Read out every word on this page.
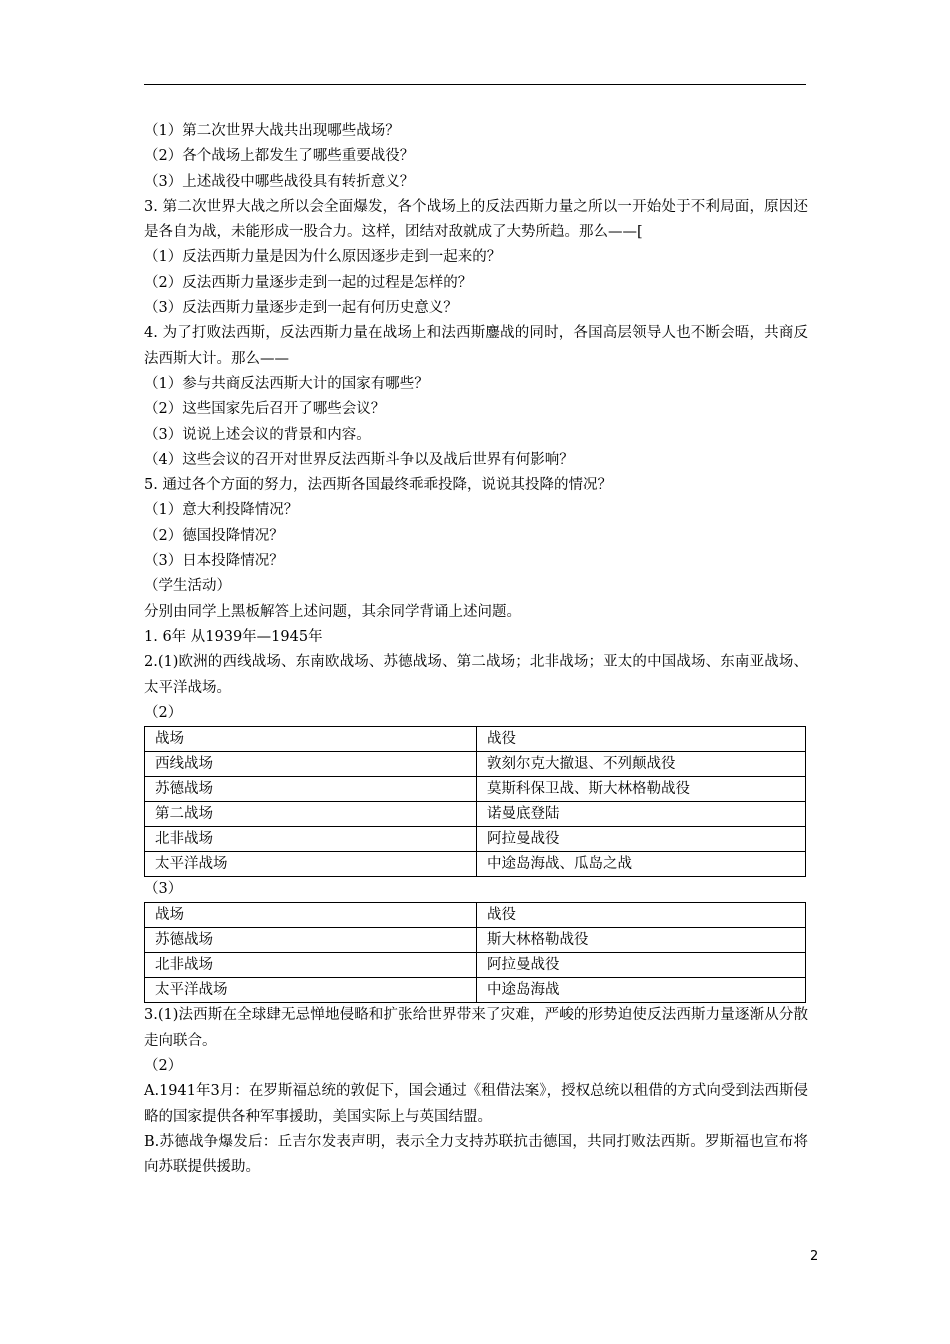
（1）第二次世界大战共出现哪些战场？

（2）各个战场上都发生了哪些重要战役？

（3）上述战役中哪些战役具有转折意义？

3. 第二次世界大战之所以会全面爆发，各个战场上的反法西斯力量之所以一开始处于不利局面，原因还是各自为战，未能形成一股合力。这样，团结对敌就成了大势所趋。那么——[

（1）反法西斯力量是因为什么原因逐步走到一起来的？

（2）反法西斯力量逐步走到一起的过程是怎样的？

（3）反法西斯力量逐步走到一起有何历史意义？

4. 为了打败法西斯，反法西斯力量在战场上和法西斯鏖战的同时，各国高层领导人也不断会晤，共商反法西斯大计。那么——

（1）参与共商反法西斯大计的国家有哪些？

（2）这些国家先后召开了哪些会议？

（3）说说上述会议的背景和内容。

（4）这些会议的召开对世界反法西斯斗争以及战后世界有何影响？

5. 通过各个方面的努力，法西斯各国最终乖乖投降，说说其投降的情况？

（1）意大利投降情况？

（2）德国投降情况？

（3）日本投降情况？

（学生活动）

分别由同学上黑板解答上述问题，其余同学背诵上述问题。

1. 6年 从1939年—1945年

2.(1)欧洲的西线战场、东南欧战场、苏德战场、第二战场；北非战场；亚太的中国战场、东南亚战场、太平洋战场。

（2）

战场	战役
西线战场	敦刻尔克大撤退、不列颠战役
苏德战场	莫斯科保卫战、斯大林格勒战役
第二战场	诺曼底登陆
北非战场	阿拉曼战役
太平洋战场	中途岛海战、瓜岛之战

（3）

战场	战役
苏德战场	斯大林格勒战役
北非战场	阿拉曼战役
太平洋战场	中途岛海战

3.(1)法西斯在全球肆无忌惮地侵略和扩张给世界带来了灾难，严峻的形势迫使反法西斯力量逐渐从分散走向联合。

（2）

A.1941年3月：在罗斯福总统的敦促下，国会通过《租借法案》，授权总统以租借的方式向受到法西斯侵略的国家提供各种军事援助，美国实际上与英国结盟。

B.苏德战争爆发后：丘吉尔发表声明，表示全力支持苏联抗击德国，共同打败法西斯。罗斯福也宣布将向苏联提供援助。

2
